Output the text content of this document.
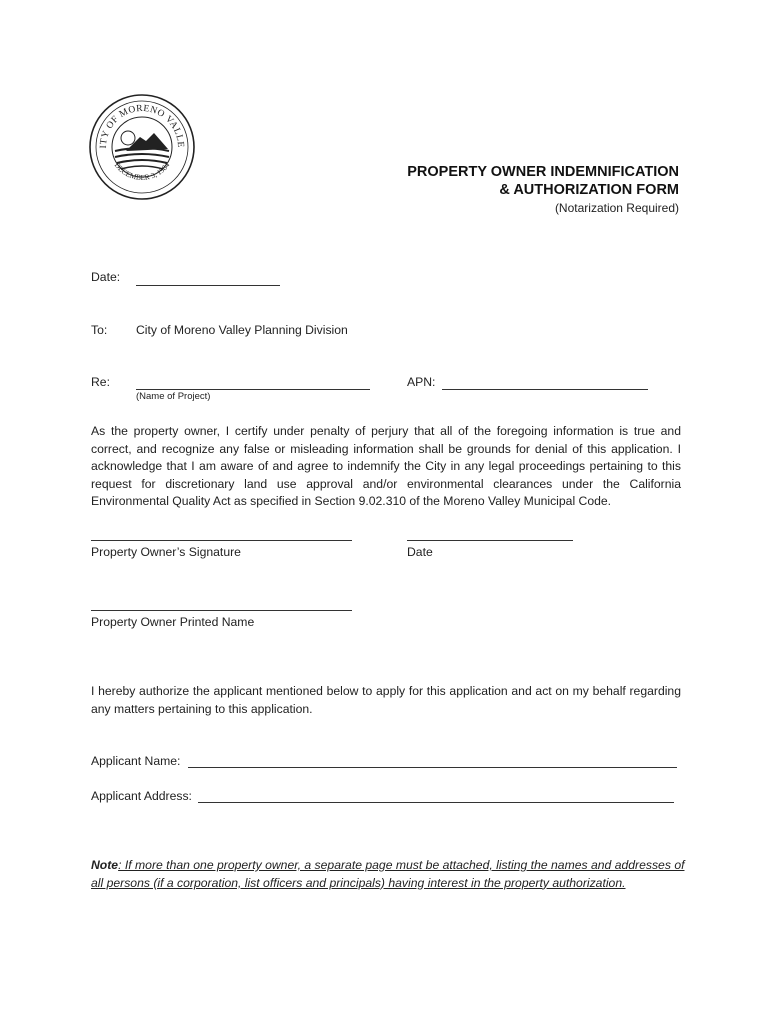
ITY OF MORENO VALLE
DECEMBER 3, 1984	PROPERTY OWNER INDEMNIFICATION
& AUTHORIZATION FORM
(Notarization Required)
Date:
To: City of Moreno Valley Planning Division
Re:
(Name of Project)
APN:
As the property owner, I certify under penalty of perjury that all of the foregoing information is true and correct, and recognize any false or misleading information shall be grounds for denial of this application. I acknowledge that I am aware of and agree to indemnify the City in any legal proceedings pertaining to this request for discretionary land use approval and/or environmental clearances under the California Environmental Quality Act as specified in Section 9.02.310 of the Moreno Valley Municipal Code.
Property Owner’s Signature	Date
Property Owner Printed Name
I hereby authorize the applicant mentioned below to apply for this application and act on my behalf regarding any matters pertaining to this application.
Applicant Name:
Applicant Address:
Note: If more than one property owner, a separate page must be attached, listing the names and addresses of all persons (if a corporation, list officers and principals) having interest in the property authorization.
